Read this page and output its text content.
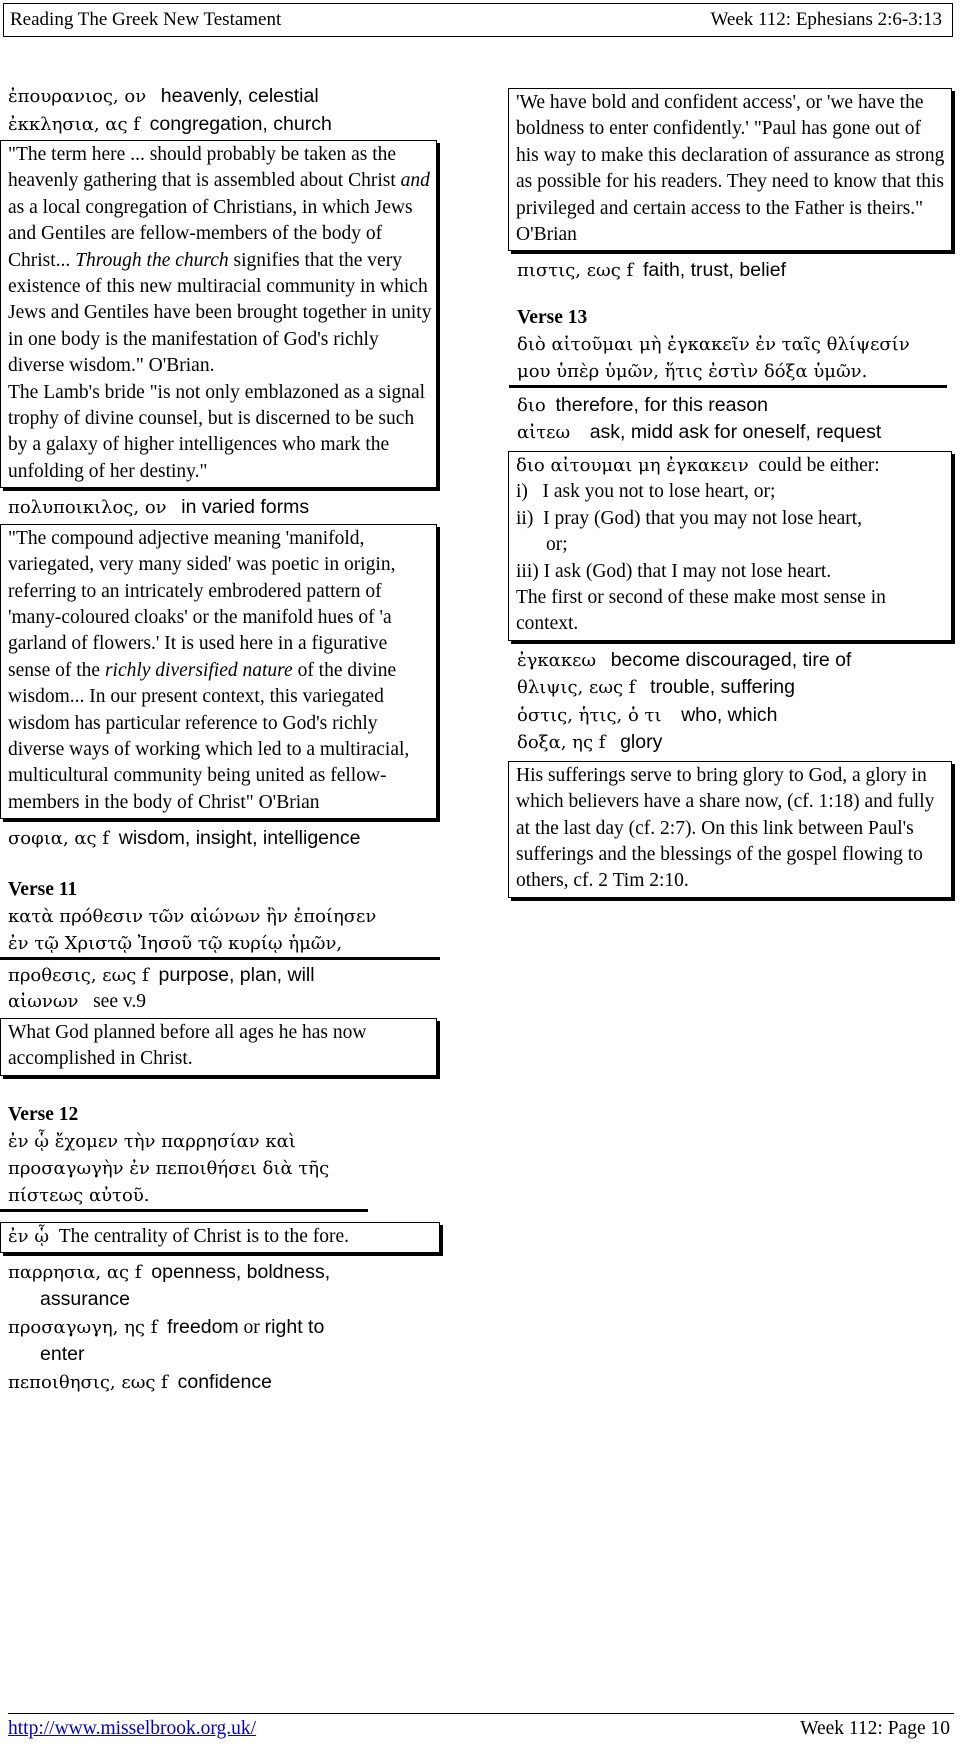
Reading The Greek New Testament	Week 112: Ephesians 2:6-3:13
ἐπουρανιος, ον heavenly, celestial
ἐκκλησια, ας f congregation, church
"The term here ... should probably be taken as the heavenly gathering that is assembled about Christ and as a local congregation of Christians, in which Jews and Gentiles are fellow-members of the body of Christ... Through the church signifies that the very existence of this new multiracial community in which Jews and Gentiles have been brought together in unity in one body is the manifestation of God's richly diverse wisdom." O'Brian.
The Lamb's bride "is not only emblazoned as a signal trophy of divine counsel, but is discerned to be such by a galaxy of higher intelligences who mark the unfolding of her destiny."
πολυποικιλος, ον in varied forms
"The compound adjective meaning 'manifold, variegated, very many sided' was poetic in origin, referring to an intricately embrodered pattern of 'many-coloured cloaks' or the manifold hues of 'a garland of flowers.' It is used here in a figurative sense of the richly diversified nature of the divine wisdom... In our present context, this variegated wisdom has particular reference to God's richly diverse ways of working which led to a multiracial, multicultural community being united as fellow-members in the body of Christ" O'Brian
σοφια, ας f wisdom, insight, intelligence
Verse 11
κατὰ πρόθεσιν τῶν αἰώνων ἣν ἐποίησεν
ἐν τῷ Χριστῷ Ἰησοῦ τῷ κυρίῳ ἡμῶν,
προθεσις, εως f purpose, plan, will
αἰωνων see v.9
What God planned before all ages he has now accomplished in Christ.
Verse 12
ἐν ᾧ ἔχομεν τὴν παρρησίαν καὶ
προσαγωγὴν ἐν πεποιθήσει διὰ τῆς
πίστεως αὐτοῦ.
ἐν ᾧ The centrality of Christ is to the fore.
παρρησια, ας f openness, boldness,
assurance
προσαγωγη, ης f freedom or right to
enter
πεποιθησις, εως f confidence
'We have bold and confident access', or 'we have the boldness to enter confidently.' "Paul has gone out of his way to make this declaration of assurance as strong as possible for his readers. They need to know that this privileged and certain access to the Father is theirs." O'Brian
πιστις, εως f faith, trust, belief
Verse 13
διὸ αἰτοῦμαι μὴ ἐγκακεῖν ἐν ταῖς θλίψεσίν
μου ὑπὲρ ὑμῶν, ἥτις ἐστὶν δόξα ὑμῶν.
διο therefore, for this reason
αἰτεω ask, midd ask for oneself, request
διο αἰτουμαι μη ἐγκακειν could be either:
i)   I ask you not to lose heart, or;
ii)  I pray (God) that you may not lose heart,
or;
iii) I ask (God) that I may not lose heart.
The first or second of these make most sense in context.
ἐγκακεω become discouraged, tire of
θλιψις, εως f trouble, suffering
ὁστις, ἡτις, ὁ τι who, which
δοξα, ης f glory
His sufferings serve to bring glory to God, a glory in which believers have a share now, (cf. 1:18) and fully at the last day (cf. 2:7). On this link between Paul's sufferings and the blessings of the gospel flowing to others, cf. 2 Tim 2:10.
http://www.misselbrook.org.uk/	Week 112: Page 10
